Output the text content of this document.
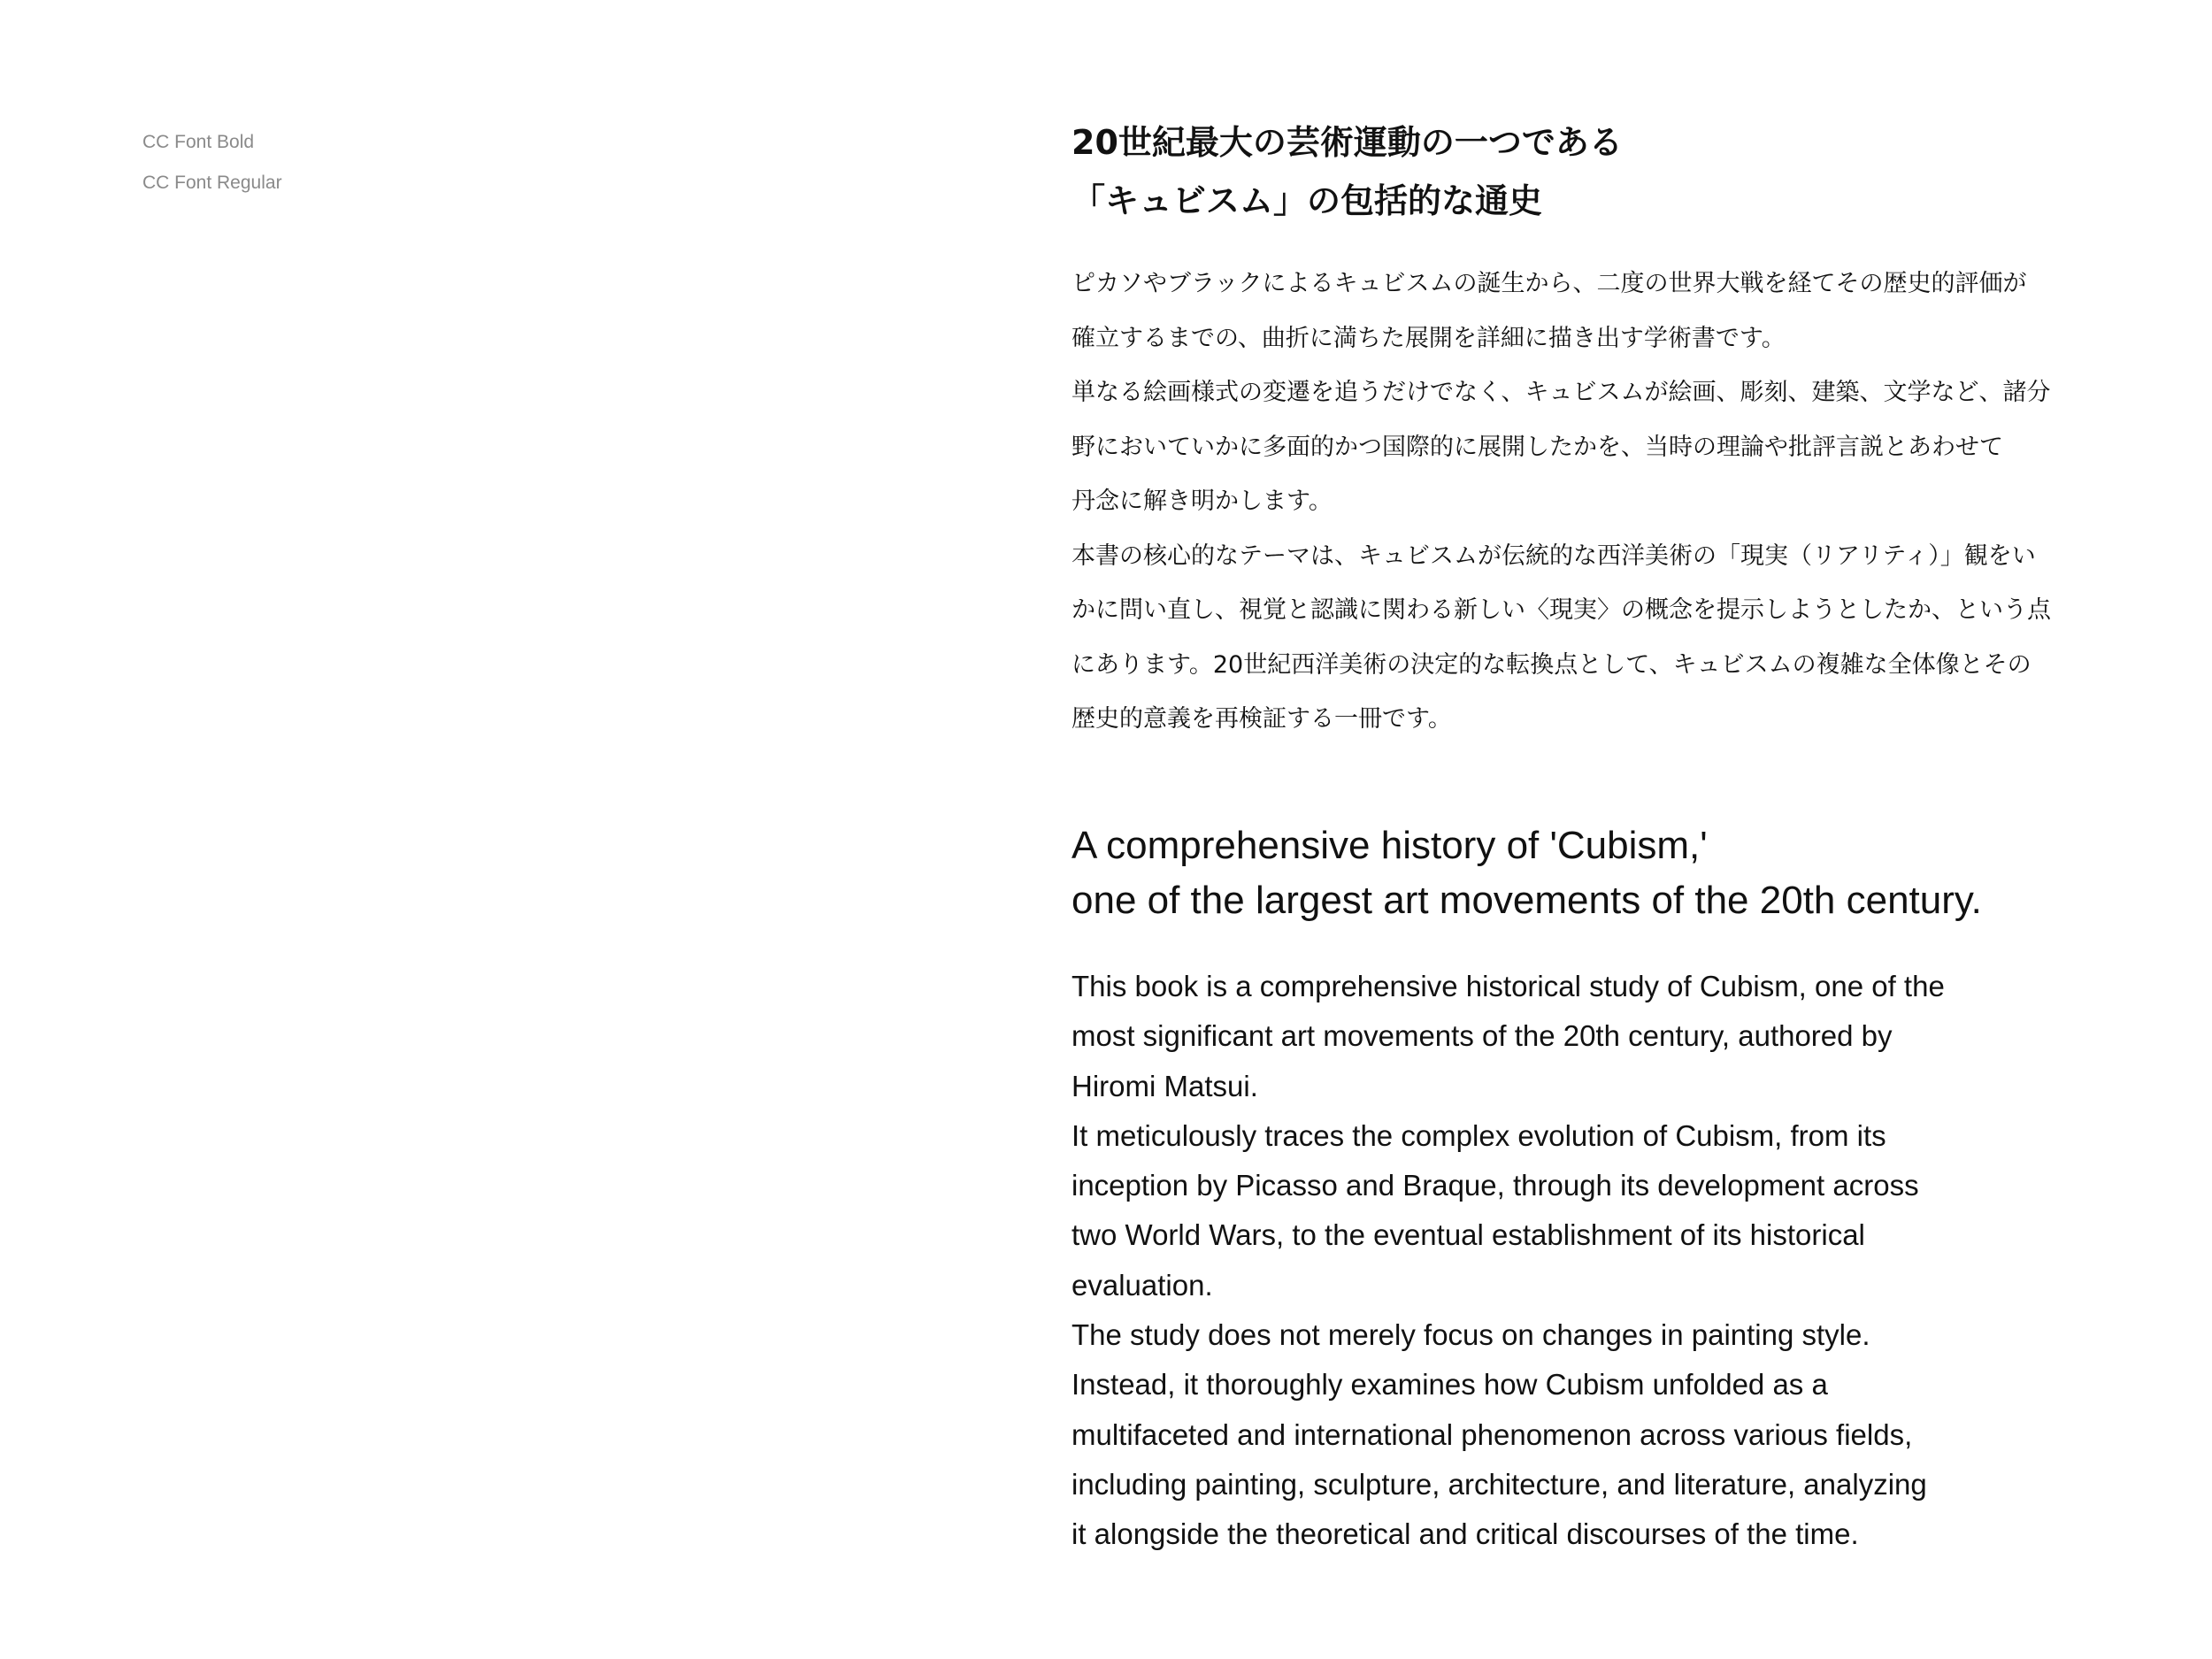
CC Font Bold
CC Font Regular
20世紀最大の芸術運動の一つである
「キュビスム」の包括的な通史
ピカソやブラックによるキュビスムの誕生から、二度の世界大戦を経てその歴史的評価が
確立するまでの、曲折に満ちた展開を詳細に描き出す学術書です。
単なる絵画様式の変遷を追うだけでなく、キュビスムが絵画、彫刻、建築、文学など、諸分
野においていかに多面的かつ国際的に展開したかを、当時の理論や批評言説とあわせて
丹念に解き明かします。
本書の核心的なテーマは、キュビスムが伝統的な西洋美術の「現実（リアリティ）」観をい
かに問い直し、視覚と認識に関わる新しい〈現実〉の概念を提示しようとしたか、という点
にあります。20世紀西洋美術の決定的な転換点として、キュビスムの複雑な全体像とその
歴史的意義を再検証する一冊です。
A comprehensive history of 'Cubism,'
one of the largest art movements of the 20th century.
This book is a comprehensive historical study of Cubism, one of the
most significant art movements of the 20th century, authored by
Hiromi Matsui.
It meticulously traces the complex evolution of Cubism, from its
inception by Picasso and Braque, through its development across
two World Wars, to the eventual establishment of its historical
evaluation.
The study does not merely focus on changes in painting style.
Instead, it thoroughly examines how Cubism unfolded as a
multifaceted and international phenomenon across various fields,
including painting, sculpture, architecture, and literature, analyzing
it alongside the theoretical and critical discourses of the time.
